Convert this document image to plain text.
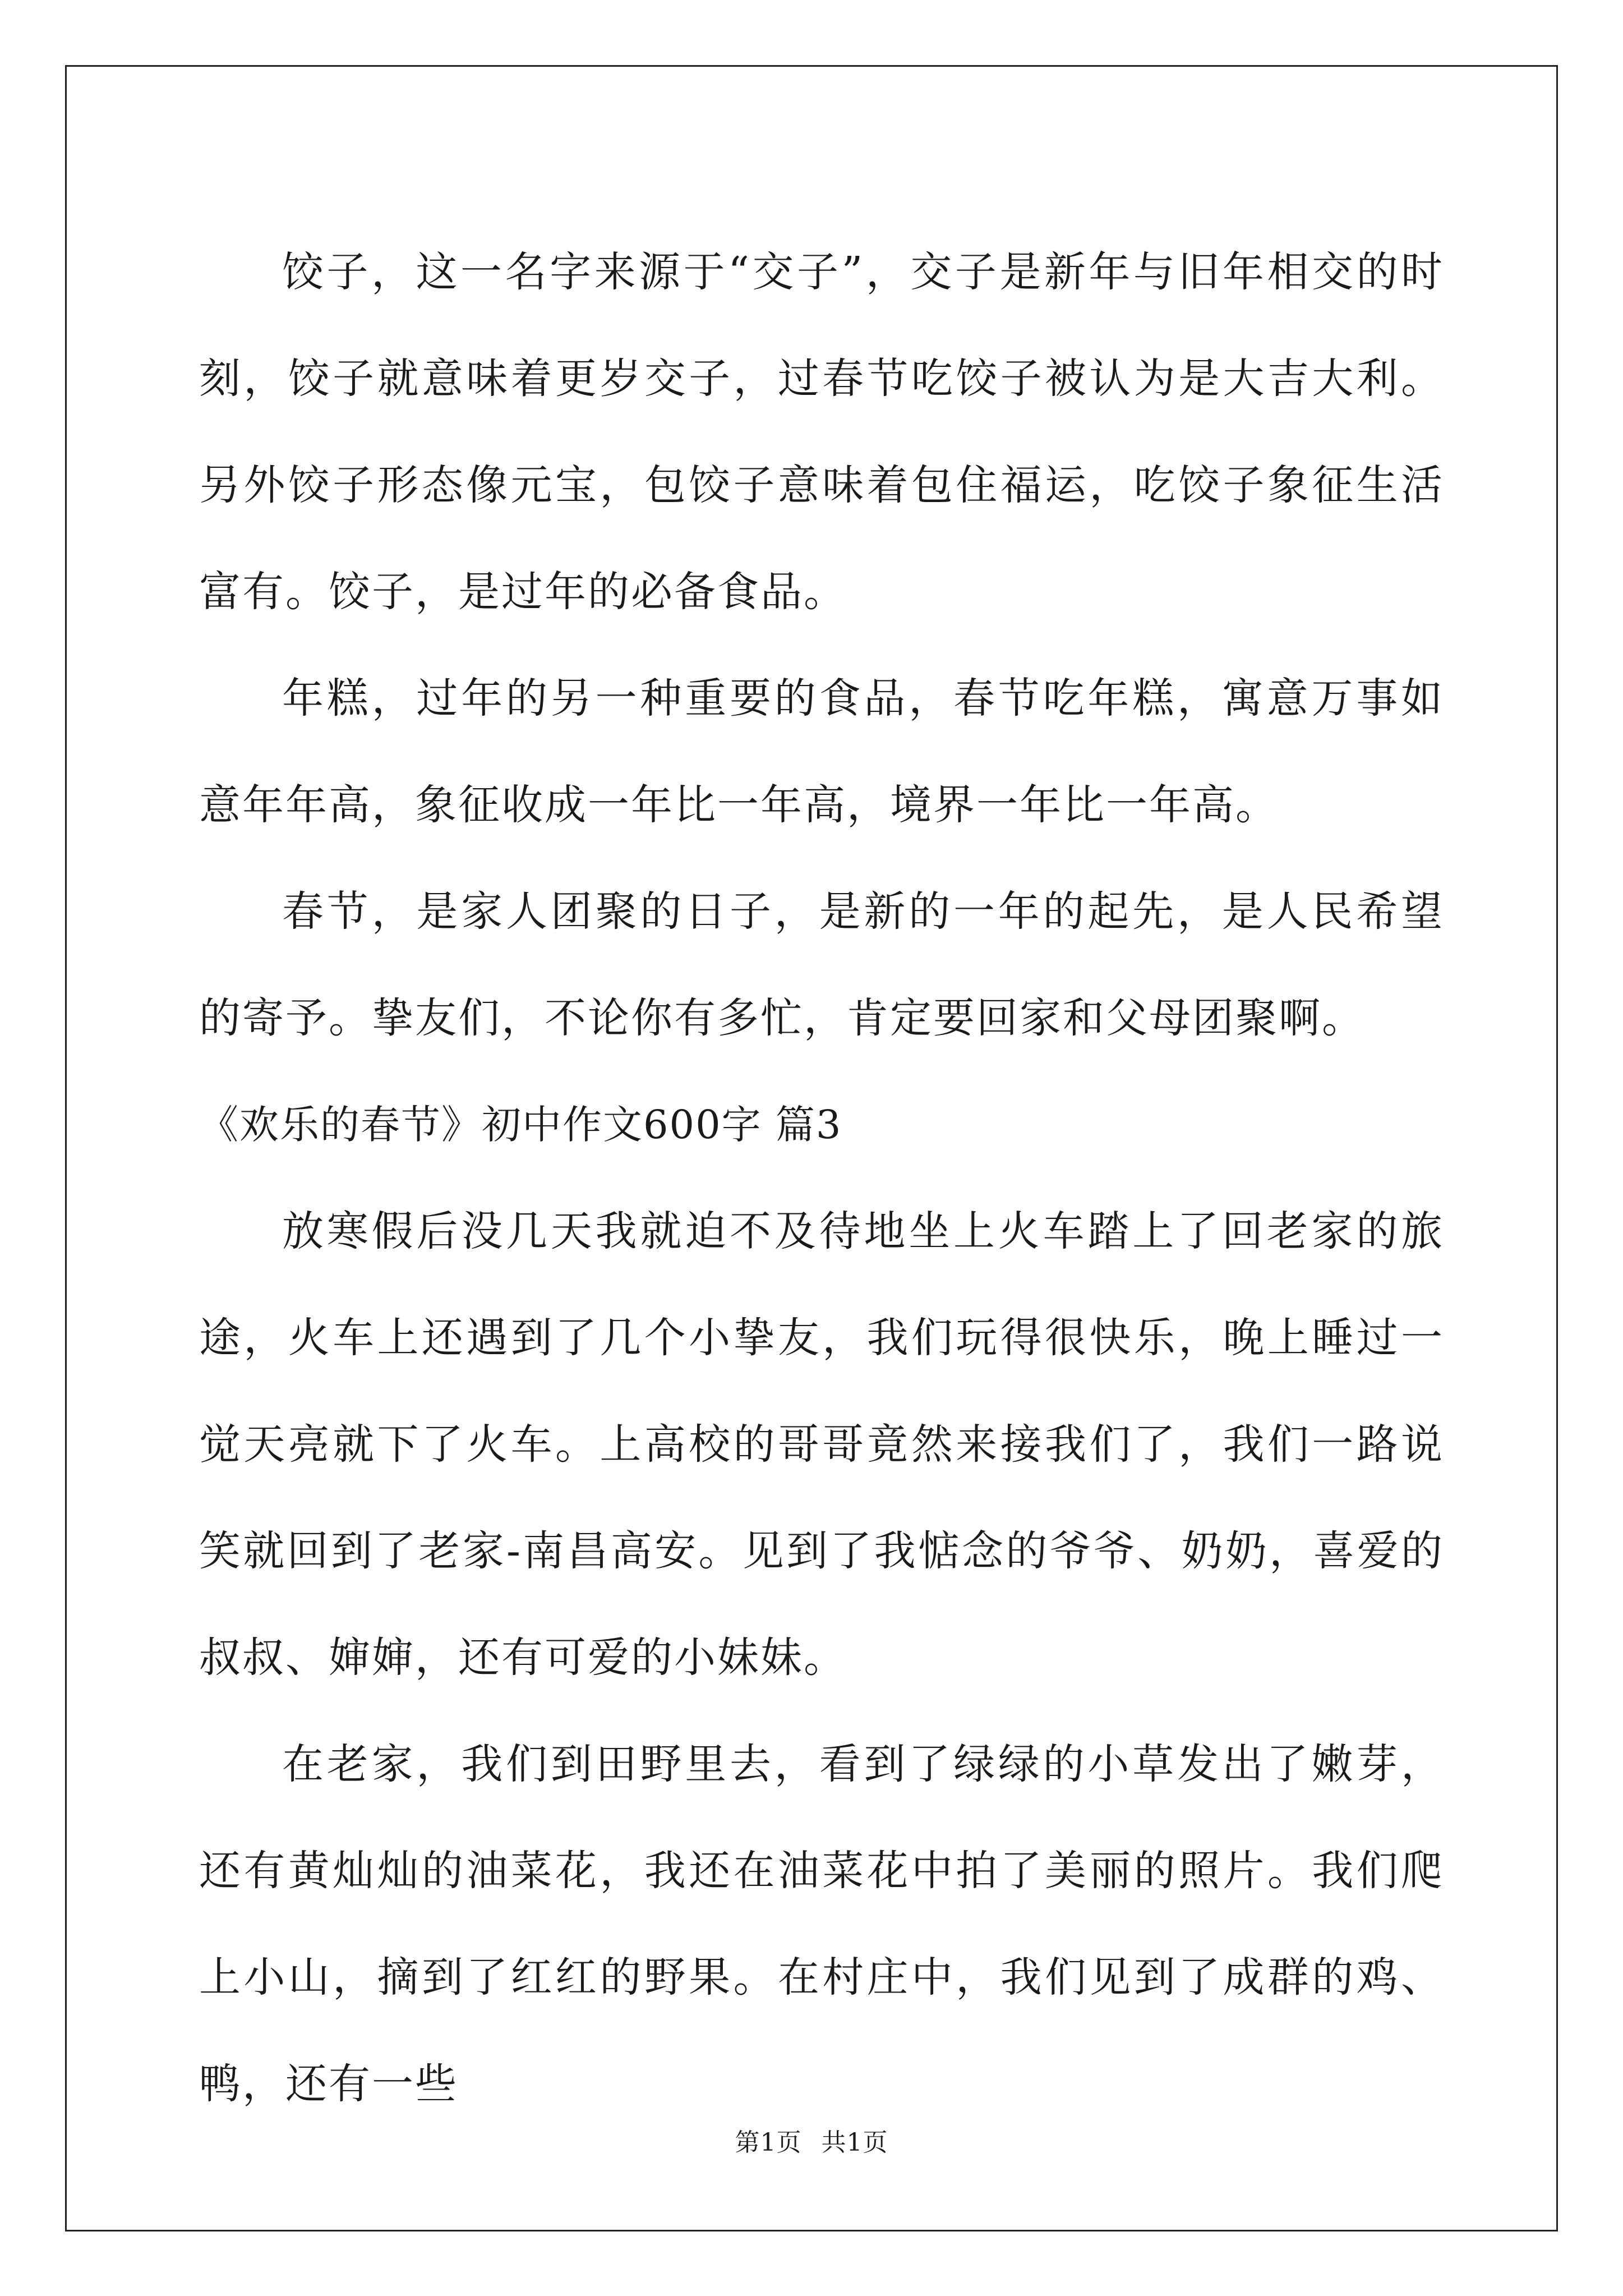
饺子，这一名字来源于“交子”，交子是新年与旧年相交的时刻，饺子就意味着更岁交子，过春节吃饺子被认为是大吉大利。另外饺子形态像元宝，包饺子意味着包住福运，吃饺子象征生活富有。饺子，是过年的必备食品。

年糕，过年的另一种重要的食品，春节吃年糕，寓意万事如意年年高，象征收成一年比一年高，境界一年比一年高。

春节，是家人团聚的日子，是新的一年的起先，是人民希望的寄予。挚友们，不论你有多忙，肯定要回家和父母团聚啊。

《欢乐的春节》初中作文600字 篇3

放寒假后没几天我就迫不及待地坐上火车踏上了回老家的旅途，火车上还遇到了几个小挚友，我们玩得很快乐，晚上睡过一觉天亮就下了火车。上高校的哥哥竟然来接我们了，我们一路说笑就回到了老家-南昌高安。见到了我惦念的爷爷、奶奶，喜爱的叔叔、婶婶，还有可爱的小妹妹。

在老家，我们到田野里去，看到了绿绿的小草发出了嫩芽，还有黄灿灿的油菜花，我还在油菜花中拍了美丽的照片。我们爬上小山，摘到了红红的野果。在村庄中，我们见到了成群的鸡、鸭，还有一些

第1页 共1页
